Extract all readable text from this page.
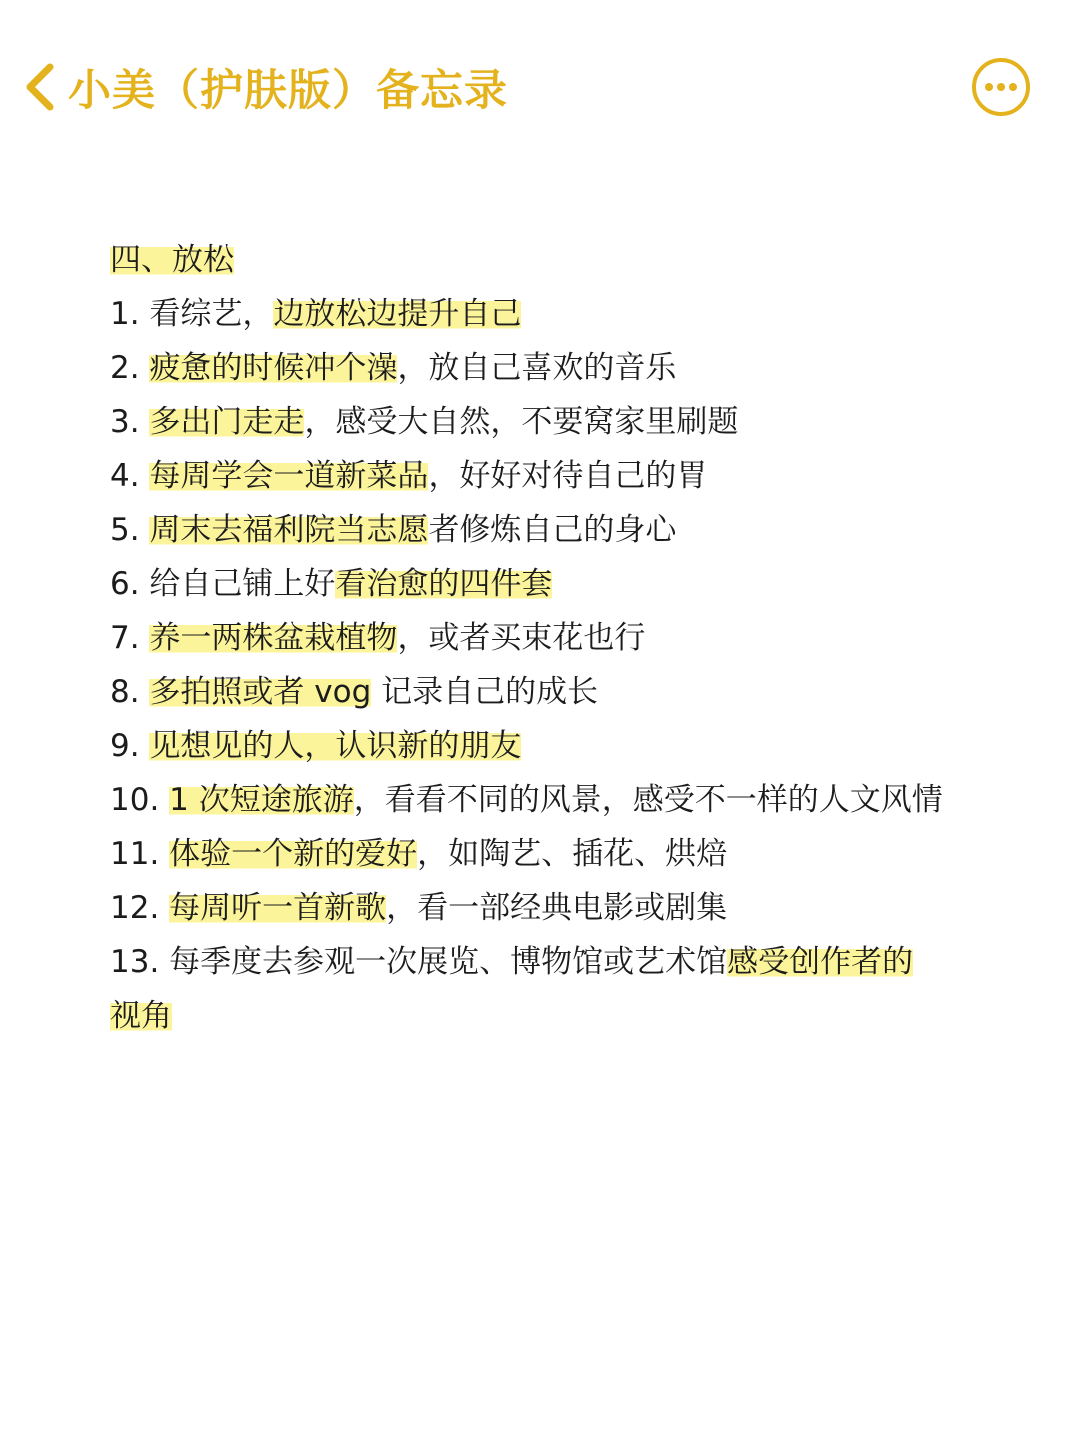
小美（护肤版）备忘录
四、放松
1. 看综艺，边放松边提升自己
2. 疲惫的时候冲个澡，放自己喜欢的音乐
3. 多出门走走，感受大自然，不要窝家里刷题
4. 每周学会一道新菜品，好好对待自己的胃
5. 周末去福利院当志愿者修炼自己的身心
6. 给自己铺上好看治愈的四件套
7. 养一两株盆栽植物，或者买束花也行
8. 多拍照或者 vog 记录自己的成长
9. 见想见的人，认识新的朋友
10. 1 次短途旅游，看看不同的风景，感受不一样的人文风情
11. 体验一个新的爱好，如陶艺、插花、烘焙
12. 每周听一首新歌，看一部经典电影或剧集
13. 每季度去参观一次展览、博物馆或艺术馆感受创作者的
视角
